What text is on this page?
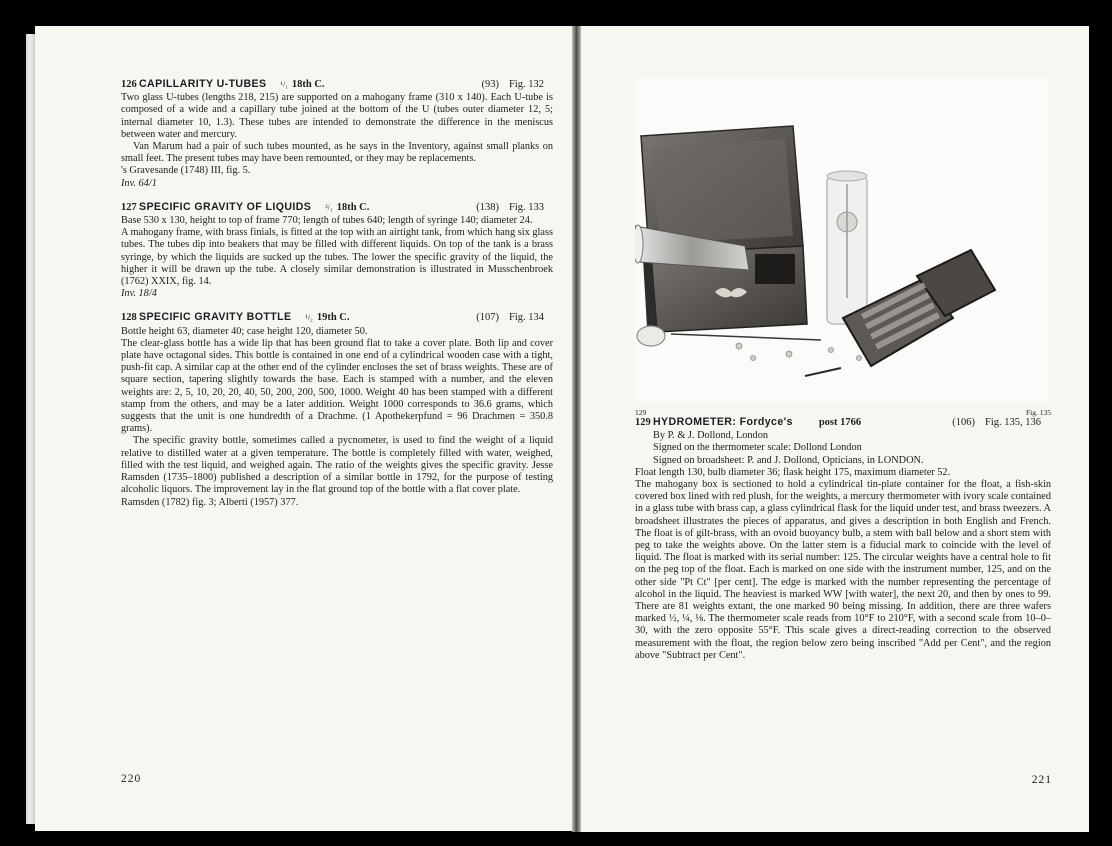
126 CAPILLARITY U-TUBES ¹/₁ 18th C.	(93) Fig. 132

Two glass U-tubes (lengths 218, 215) are supported on a mahogany frame (310 x 140). Each U-tube is composed of a wide and a capillary tube joined at the bottom of the U (tubes outer diameter 12, 5; internal diameter 10, 1.3). These tubes are intended to demonstrate the difference in the meniscus between water and mercury.

Van Marum had a pair of such tubes mounted, as he says in the Inventory, against small planks on small feet. The present tubes may have been remounted, or they may be replacements.

's Gravesande (1748) III, fig. 5.

Inv. 64/1

127 SPECIFIC GRAVITY OF LIQUIDS ²/₁ 18th C.	(138) Fig. 133

Base 530 x 130, height to top of frame 770; length of tubes 640; length of syringe 140; diameter 24.

A mahogany frame, with brass finials, is fitted at the top with an airtight tank, from which hang six glass tubes. The tubes dip into beakers that may be filled with different liquids. On top of the tank is a brass syringe, by which the liquids are sucked up the tubes. The lower the specific gravity of the liquid, the higher it will be drawn up the tube. A closely similar demonstration is illustrated in Musschenbroek (1762) XXIX, fig. 14.

Inv. 18/4

128 SPECIFIC GRAVITY BOTTLE ¹/₂ 19th C.	(107) Fig. 134

Bottle height 63, diameter 40; case height 120, diameter 50.

The clear-glass bottle has a wide lip that has been ground flat to take a cover plate. Both lip and cover plate have octagonal sides. This bottle is contained in one end of a cylindrical wooden case with a tight, push-fit cap. A similar cap at the other end of the cylinder encloses the set of brass weights. These are of square section, tapering slightly towards the base. Each is stamped with a number, and the eleven weights are: 2, 5, 10, 20, 20, 40, 50, 200, 200, 500, 1000. Weight 40 has been stamped with a different stamp from the others, and may be a later addition. Weight 1000 corresponds to 36.6 grams, which suggests that the unit is one hundredth of a Drachme. (1 Apothekerpfund = 96 Drachmen = 350.8 grams).

The specific gravity bottle, sometimes called a pycnometer, is used to find the weight of a liquid relative to distilled water at a given temperature. The bottle is completely filled with water, weighed, filled with the test liquid, and weighed again. The ratio of the weights gives the specific gravity. Jesse Ramsden (1735–1800) published a description of a similar bottle in 1792, for the purpose of testing alcoholic liquors. The improvement lay in the flat ground top of the bottle with a flat cover plate.

Ramsden (1782) fig. 3; Alberti (1957) 377.

220
129	Fig. 135
129 HYDROMETER: Fordyce's post 1766	(106) Fig. 135, 136

By P. & J. Dollond, London

Signed on the thermometer scale: Dollond London

Signed on broadsheet: P. and J. Dollond, Opticians, in LONDON.

Float length 130, bulb diameter 36; flask height 175, maximum diameter 52.

The mahogany box is sectioned to hold a cylindrical tin-plate container for the float, a fish-skin covered box lined with red plush, for the weights, a mercury thermometer with ivory scale contained in a glass tube with brass cap, a glass cylindrical flask for the liquid under test, and brass tweezers. A broadsheet illustrates the pieces of apparatus, and gives a description in both English and French. The float is of gilt-brass, with an ovoid buoyancy bulb, a stem with ball below and a short stem with peg to take the weights above. On the latter stem is a fiducial mark to coincide with the level of liquid. The float is marked with its serial number: 125. The circular weights have a central hole to fit on the peg top of the float. Each is marked on one side with the instrument number, 125, and on the other side "Pt Ct" [per cent]. The edge is marked with the number representing the percentage of alcohol in the liquid. The heaviest is marked WW [with water], the next 20, and then by ones to 99. There are 81 weights extant, the one marked 90 being missing. In addition, there are three wafers marked ½, ¼, ⅛. The thermometer scale reads from 10°F to 210°F, with a second scale from 10–0–30, with the zero opposite 55°F. This scale gives a direct-reading correction to the observed measurement with the float, the region below zero being inscribed "Add per Cent", and the region above "Subtract per Cent".

221
